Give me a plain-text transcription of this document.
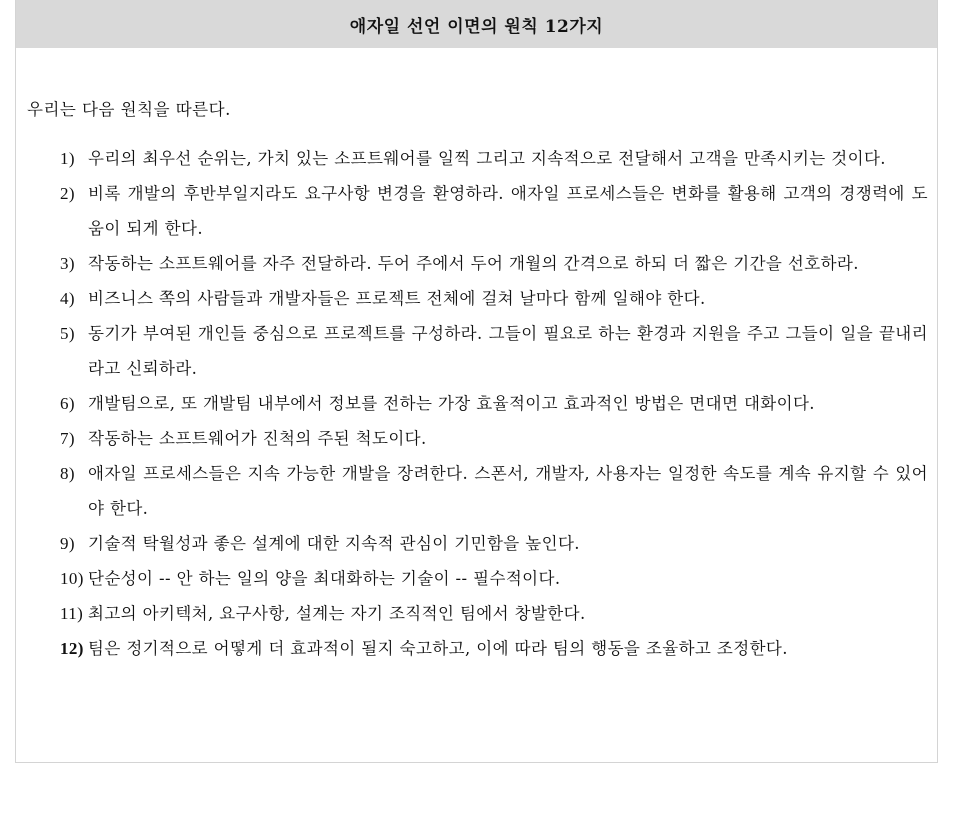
애자일 선언 이면의 원칙 12가지
우리는 다음 원칙을 따른다.
1) 우리의 최우선 순위는, 가치 있는 소프트웨어를 일찍 그리고 지속적으로 전달해서 고객을 만족시키는 것이다.
2) 비록 개발의 후반부일지라도 요구사항 변경을 환영하라. 애자일 프로세스들은 변화를 활용해 고객의 경쟁력에 도움이 되게 한다.
3) 작동하는 소프트웨어를 자주 전달하라. 두어 주에서 두어 개월의 간격으로 하되 더 짧은 기간을 선호하라.
4) 비즈니스 쪽의 사람들과 개발자들은 프로젝트 전체에 걸쳐 날마다 함께 일해야 한다.
5) 동기가 부여된 개인들 중심으로 프로젝트를 구성하라. 그들이 필요로 하는 환경과 지원을 주고 그들이 일을 끝내리라고 신뢰하라.
6) 개발팀으로, 또 개발팀 내부에서 정보를 전하는 가장 효율적이고 효과적인 방법은 면대면 대화이다.
7) 작동하는 소프트웨어가 진척의 주된 척도이다.
8) 애자일 프로세스들은 지속 가능한 개발을 장려한다. 스폰서, 개발자, 사용자는 일정한 속도를 계속 유지할 수 있어야 한다.
9) 기술적 탁월성과 좋은 설계에 대한 지속적 관심이 기민함을 높인다.
10) 단순성이 -- 안 하는 일의 양을 최대화하는 기술이 -- 필수적이다.
11) 최고의 아키텍처, 요구사항, 설계는 자기 조직적인 팀에서 창발한다.
12) 팀은 정기적으로 어떻게 더 효과적이 될지 숙고하고, 이에 따라 팀의 행동을 조율하고 조정한다.
